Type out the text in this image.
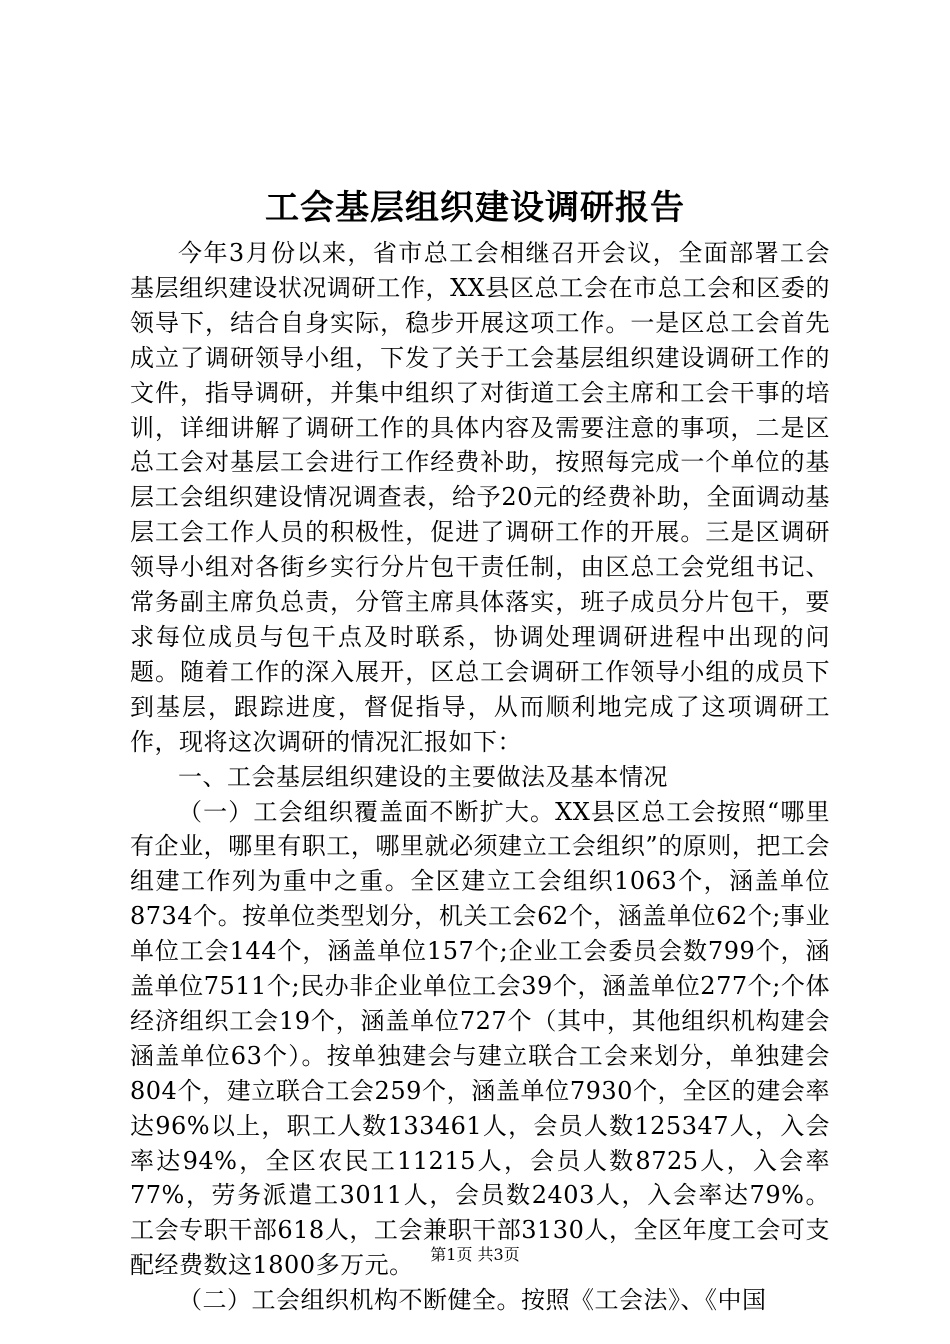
工会基层组织建设调研报告

今年3月份以来，省市总工会相继召开会议，全面部署工会基层组织建设状况调研工作，XX县区总工会在市总工会和区委的领导下，结合自身实际，稳步开展这项工作。一是区总工会首先成立了调研领导小组，下发了关于工会基层组织建设调研工作的文件，指导调研，并集中组织了对街道工会主席和工会干事的培训，详细讲解了调研工作的具体内容及需要注意的事项，二是区总工会对基层工会进行工作经费补助，按照每完成一个单位的基层工会组织建设情况调查表，给予20元的经费补助，全面调动基层工会工作人员的积极性，促进了调研工作的开展。三是区调研领导小组对各街乡实行分片包干责任制，由区总工会党组书记、常务副主席负总责，分管主席具体落实，班子成员分片包干，要求每位成员与包干点及时联系，协调处理调研进程中出现的问题。随着工作的深入展开，区总工会调研工作领导小组的成员下到基层，跟踪进度，督促指导，从而顺利地完成了这项调研工作，现将这次调研的情况汇报如下：

一、工会基层组织建设的主要做法及基本情况

（一）工会组织覆盖面不断扩大。XX县区总工会按照“哪里有企业，哪里有职工，哪里就必须建立工会组织”的原则，把工会组建工作列为重中之重。全区建立工会组织1063个，涵盖单位8734个。按单位类型划分，机关工会62个，涵盖单位62个;事业单位工会144个，涵盖单位157个;企业工会委员会数799个，涵盖单位7511个;民办非企业单位工会39个，涵盖单位277个;个体经济组织工会19个，涵盖单位727个（其中，其他组织机构建会涵盖单位63个）。按单独建会与建立联合工会来划分，单独建会804个，建立联合工会259个，涵盖单位7930个，全区的建会率达96%以上，职工人数133461人，会员人数125347人，入会率达94%，全区农民工11215人，会员人数8725人，入会率77%，劳务派遣工3011人，会员数2403人，入会率达79%。工会专职干部618人，工会兼职干部3130人，全区年度工会可支配经费数这1800多万元。

（二）工会组织机构不断健全。按照《工会法》、《中国

第1页 共3页
